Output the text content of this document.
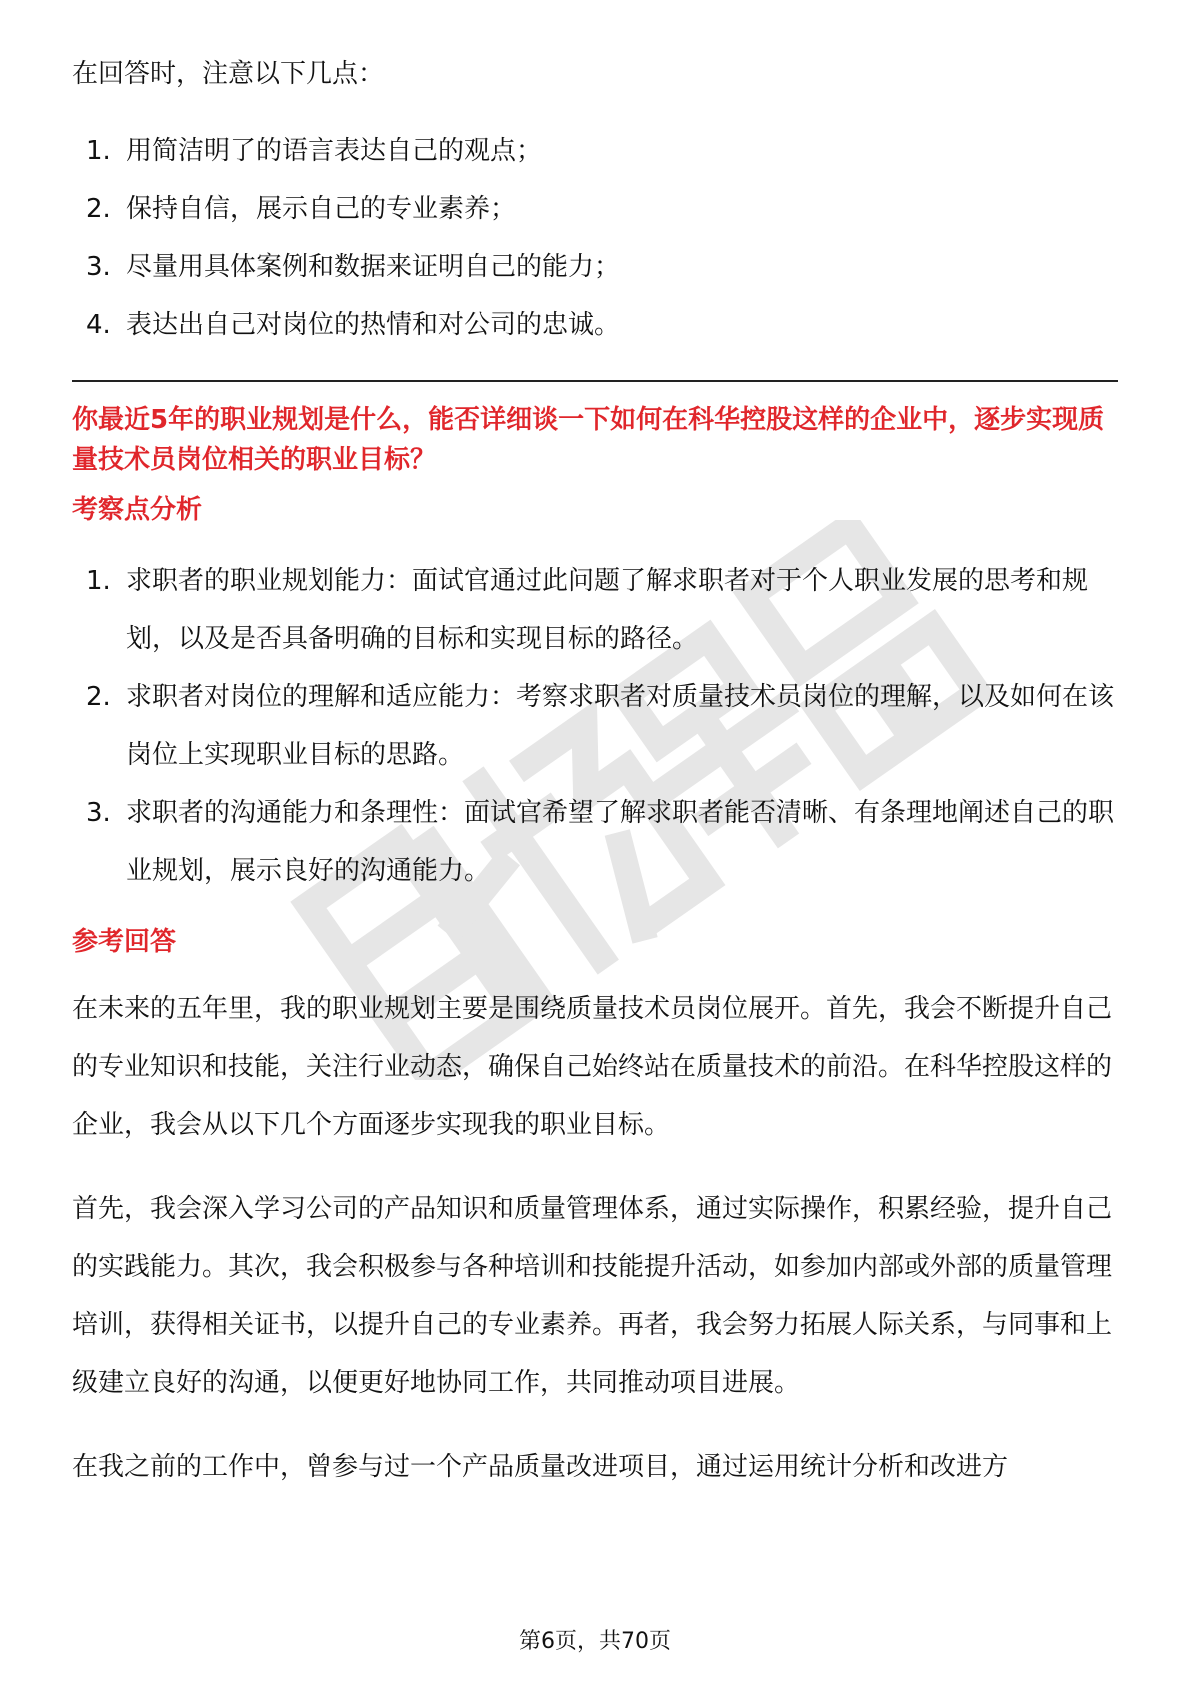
在回答时，注意以下几点：

1. 用简洁明了的语言表达自己的观点；
2. 保持自信，展示自己的专业素养；
3. 尽量用具体案例和数据来证明自己的能力；
4. 表达出自己对岗位的热情和对公司的忠诚。

你最近5年的职业规划是什么，能否详细谈一下如何在科华控股这样的企业中，逐步实现质量技术员岗位相关的职业目标？

考察点分析

1. 求职者的职业规划能力：面试官通过此问题了解求职者对于个人职业发展的思考和规划，以及是否具备明确的目标和实现目标的路径。
2. 求职者对岗位的理解和适应能力：考察求职者对质量技术员岗位的理解，以及如何在该岗位上实现职业目标的思路。
3. 求职者的沟通能力和条理性：面试官希望了解求职者能否清晰、有条理地阐述自己的职业规划，展示良好的沟通能力。

参考回答

在未来的五年里，我的职业规划主要是围绕质量技术员岗位展开。首先，我会不断提升自己的专业知识和技能，关注行业动态，确保自己始终站在质量技术的前沿。在科华控股这样的企业，我会从以下几个方面逐步实现我的职业目标。

首先，我会深入学习公司的产品知识和质量管理体系，通过实际操作，积累经验，提升自己的实践能力。其次，我会积极参与各种培训和技能提升活动，如参加内部或外部的质量管理培训，获得相关证书，以提升自己的专业素养。再者，我会努力拓展人际关系，与同事和上级建立良好的沟通，以便更好地协同工作，共同推动项目进展。

在我之前的工作中，曾参与过一个产品质量改进项目，通过运用统计分析和改进方

第6页，共70页
